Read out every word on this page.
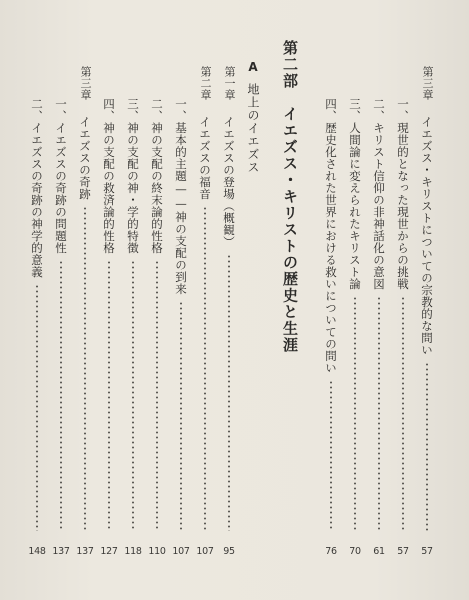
第三章
イエズス・キリストについての宗教的な問い
57
一、
現世的となった現世からの挑戦
57
二、
キリスト信仰の非神話化の意図
61
三、
人間論に変えられたキリスト論
70
四、
歴史化された世界における救いについての問い
76
第二部　イエズス・キリストの歴史と生涯
A地上のイエズス
第一章
イエズスの登場（概観）
95
第二章
イエズスの福音
107
一、
基本的主題——神の支配の到来
107
二、
神の支配の終末論的性格
110
三、
神の支配の神・学的特徴
118
四、
神の支配の救済論的性格
127
第三章
イエズスの奇跡
137
一、
イエズスの奇跡の問題性
137
二、
イエズスの奇跡の神学的意義
148
